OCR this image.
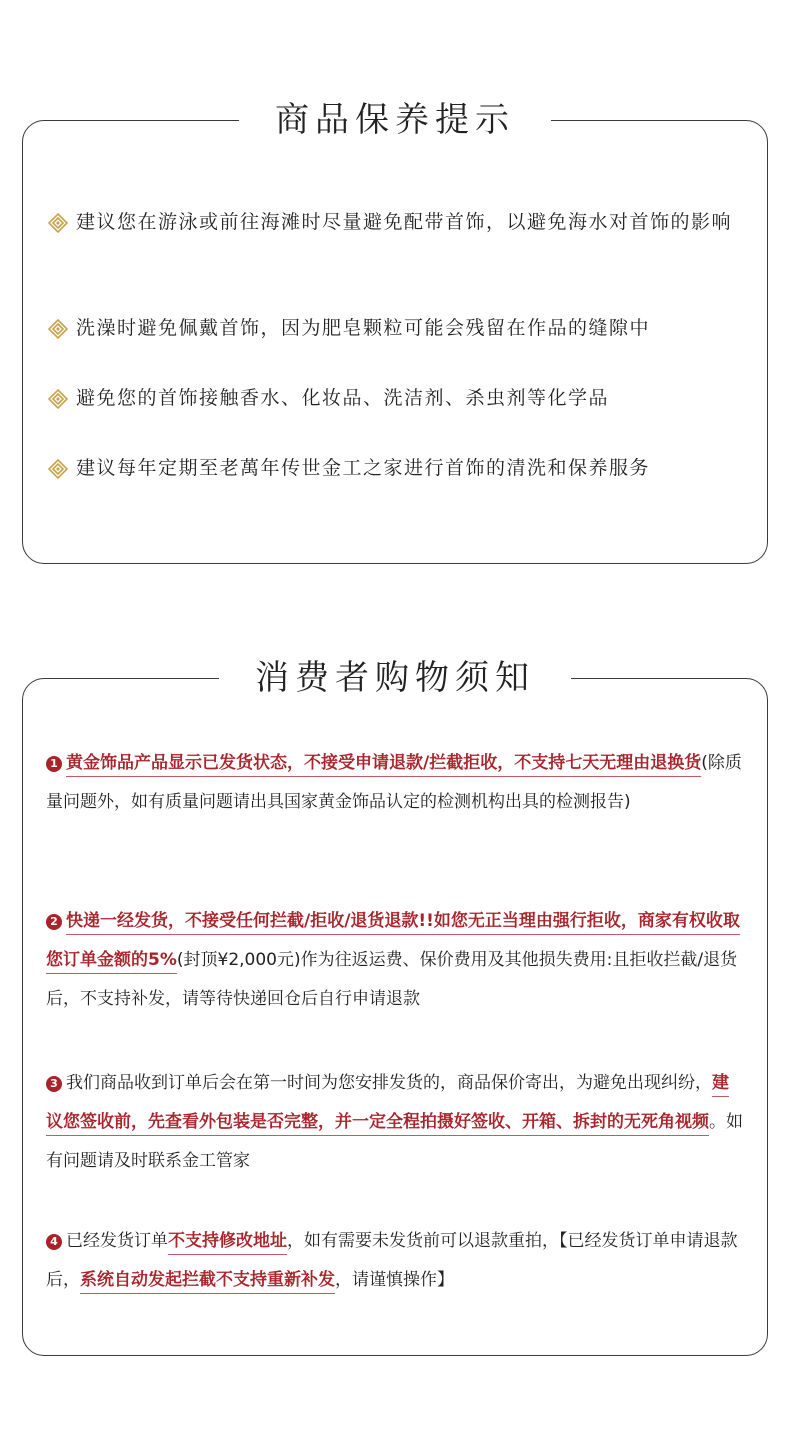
商品保养提示
建议您在游泳或前往海滩时尽量避免配带首饰，以避免海水对首饰的影响
洗澡时避免佩戴首饰，因为肥皂颗粒可能会残留在作品的缝隙中
避免您的首饰接触香水、化妆品、洗洁剂、杀虫剂等化学品
建议每年定期至老萬年传世金工之家进行首饰的清洗和保养服务
消费者购物须知
1 黄金饰品产品显示已发货状态，不接受申请退款/拦截拒收，不支持七天无理由退换货(除质量问题外，如有质量问题请出具国家黄金饰品认定的检测机构出具的检测报告)
2 快递一经发货，不接受任何拦截/拒收/退货退款!!如您无正当理由强行拒收，商家有权收取您订单金额的5%(封顶¥2,000元)作为往返运费、保价费用及其他损失费用:且拒收拦截/退货后，不支持补发，请等待快递回仓后自行申请退款
3 我们商品收到订单后会在第一时间为您安排发货的，商品保价寄出，为避免出现纠纷，建议您签收前，先查看外包装是否完整，并一定全程拍摄好签收、开箱、拆封的无死角视频。如有问题请及时联系金工管家
4 已经发货订单不支持修改地址，如有需要未发货前可以退款重拍，【已经发货订单申请退款后，系统自动发起拦截不支持重新补发，请谨慎操作】
